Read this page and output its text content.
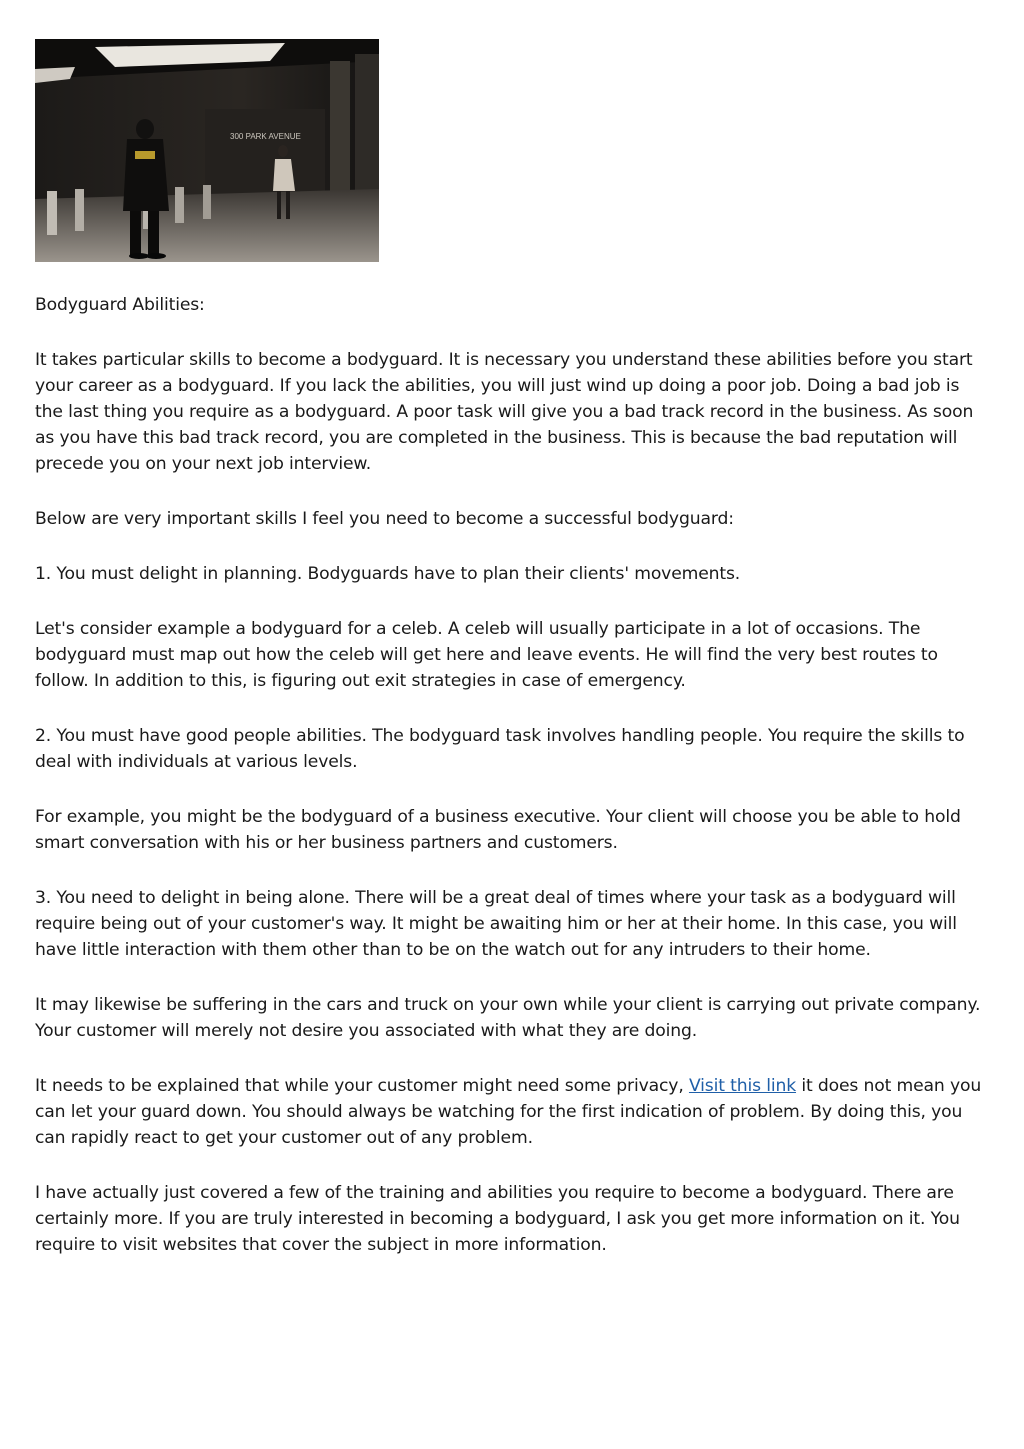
300 PARK AVENUE

Bodyguard Abilities:

It takes particular skills to become a bodyguard. It is necessary you understand these abilities before you start your career as a bodyguard. If you lack the abilities, you will just wind up doing a poor job. Doing a bad job is the last thing you require as a bodyguard. A poor task will give you a bad track record in the business. As soon as you have this bad track record, you are completed in the business. This is because the bad reputation will precede you on your next job interview.

Below are very important skills I feel you need to become a successful bodyguard:

1. You must delight in planning. Bodyguards have to plan their clients' movements.

Let's consider example a bodyguard for a celeb. A celeb will usually participate in a lot of occasions. The bodyguard must map out how the celeb will get here and leave events. He will find the very best routes to follow. In addition to this, is figuring out exit strategies in case of emergency.

2. You must have good people abilities. The bodyguard task involves handling people. You require the skills to deal with individuals at various levels.

For example, you might be the bodyguard of a business executive. Your client will choose you be able to hold smart conversation with his or her business partners and customers.

3. You need to delight in being alone. There will be a great deal of times where your task as a bodyguard will require being out of your customer's way. It might be awaiting him or her at their home. In this case, you will have little interaction with them other than to be on the watch out for any intruders to their home.

It may likewise be suffering in the cars and truck on your own while your client is carrying out private company. Your customer will merely not desire you associated with what they are doing.

It needs to be explained that while your customer might need some privacy, Visit this link it does not mean you can let your guard down. You should always be watching for the first indication of problem. By doing this, you can rapidly react to get your customer out of any problem.

I have actually just covered a few of the training and abilities you require to become a bodyguard. There are certainly more. If you are truly interested in becoming a bodyguard, I ask you get more information on it. You require to visit websites that cover the subject in more information.
